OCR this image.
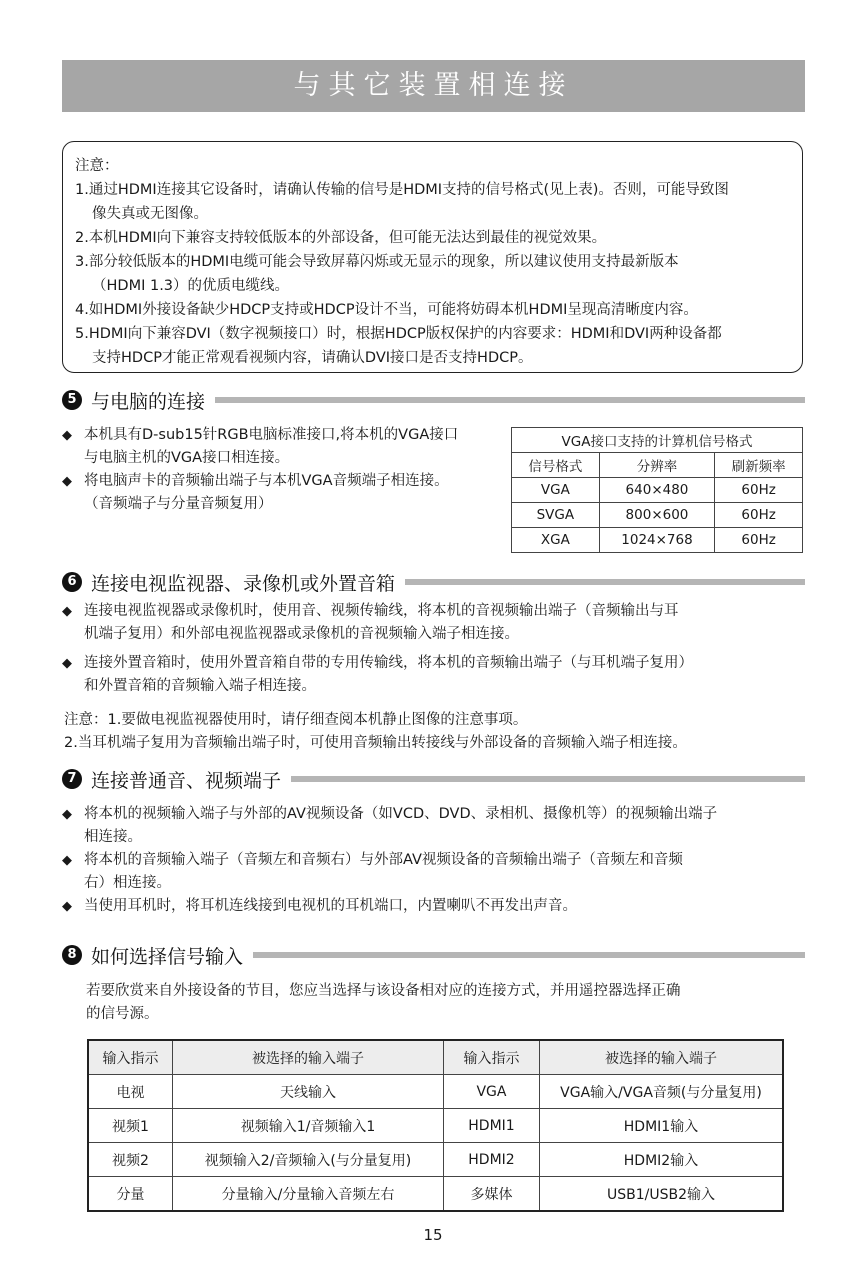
与其它装置相连接
注意：
1.通过HDMI连接其它设备时，请确认传输的信号是HDMI支持的信号格式(见上表)。否则，可能导致图
像失真或无图像。
2.本机HDMI向下兼容支持较低版本的外部设备，但可能无法达到最佳的视觉效果。
3.部分较低版本的HDMI电缆可能会导致屏幕闪烁或无显示的现象，所以建议使用支持最新版本
（HDMI 1.3）的优质电缆线。
4.如HDMI外接设备缺少HDCP支持或HDCP设计不当，可能将妨碍本机HDMI呈现高清晰度内容。
5.HDMI向下兼容DVI（数字视频接口）时，根据HDCP版权保护的内容要求：HDMI和DVI两种设备都
支持HDCP才能正常观看视频内容，请确认DVI接口是否支持HDCP。
5 与电脑的连接
◆ 本机具有D-sub15针RGB电脑标准接口,将本机的VGA接口
与电脑主机的VGA接口相连接。
◆ 将电脑声卡的音频输出端子与本机VGA音频端子相连接。
（音频端子与分量音频复用）
VGA接口支持的计算机信号格式		
信号格式	分辨率	刷新频率
VGA	640×480	60Hz
SVGA	800×600	60Hz
XGA	1024×768	60Hz
6 连接电视监视器、录像机或外置音箱
◆ 连接电视监视器或录像机时，使用音、视频传输线，将本机的音视频输出端子（音频输出与耳
机端子复用）和外部电视监视器或录像机的音视频输入端子相连接。
◆ 连接外置音箱时，使用外置音箱自带的专用传输线，将本机的音频输出端子（与耳机端子复用）
和外置音箱的音频输入端子相连接。
注意：1.要做电视监视器使用时，请仔细查阅本机静止图像的注意事项。
2.当耳机端子复用为音频输出端子时，可使用音频输出转接线与外部设备的音频输入端子相连接。
7 连接普通音、视频端子
◆ 将本机的视频输入端子与外部的AV视频设备（如VCD、DVD、录相机、摄像机等）的视频输出端子
相连接。
◆ 将本机的音频输入端子（音频左和音频右）与外部AV视频设备的音频输出端子（音频左和音频
右）相连接。
◆ 当使用耳机时，将耳机连线接到电视机的耳机端口，内置喇叭不再发出声音。
8 如何选择信号输入
若要欣赏来自外接设备的节目，您应当选择与该设备相对应的连接方式，并用遥控器选择正确
的信号源。
输入指示	被选择的输入端子	输入指示	被选择的输入端子
电视	天线输入	VGA	VGA输入/VGA音频(与分量复用)
视频1	视频输入1/音频输入1	HDMI1	HDMI1输入
视频2	视频输入2/音频输入(与分量复用)	HDMI2	HDMI2输入
分量	分量输入/分量输入音频左右	多媒体	USB1/USB2输入
15
